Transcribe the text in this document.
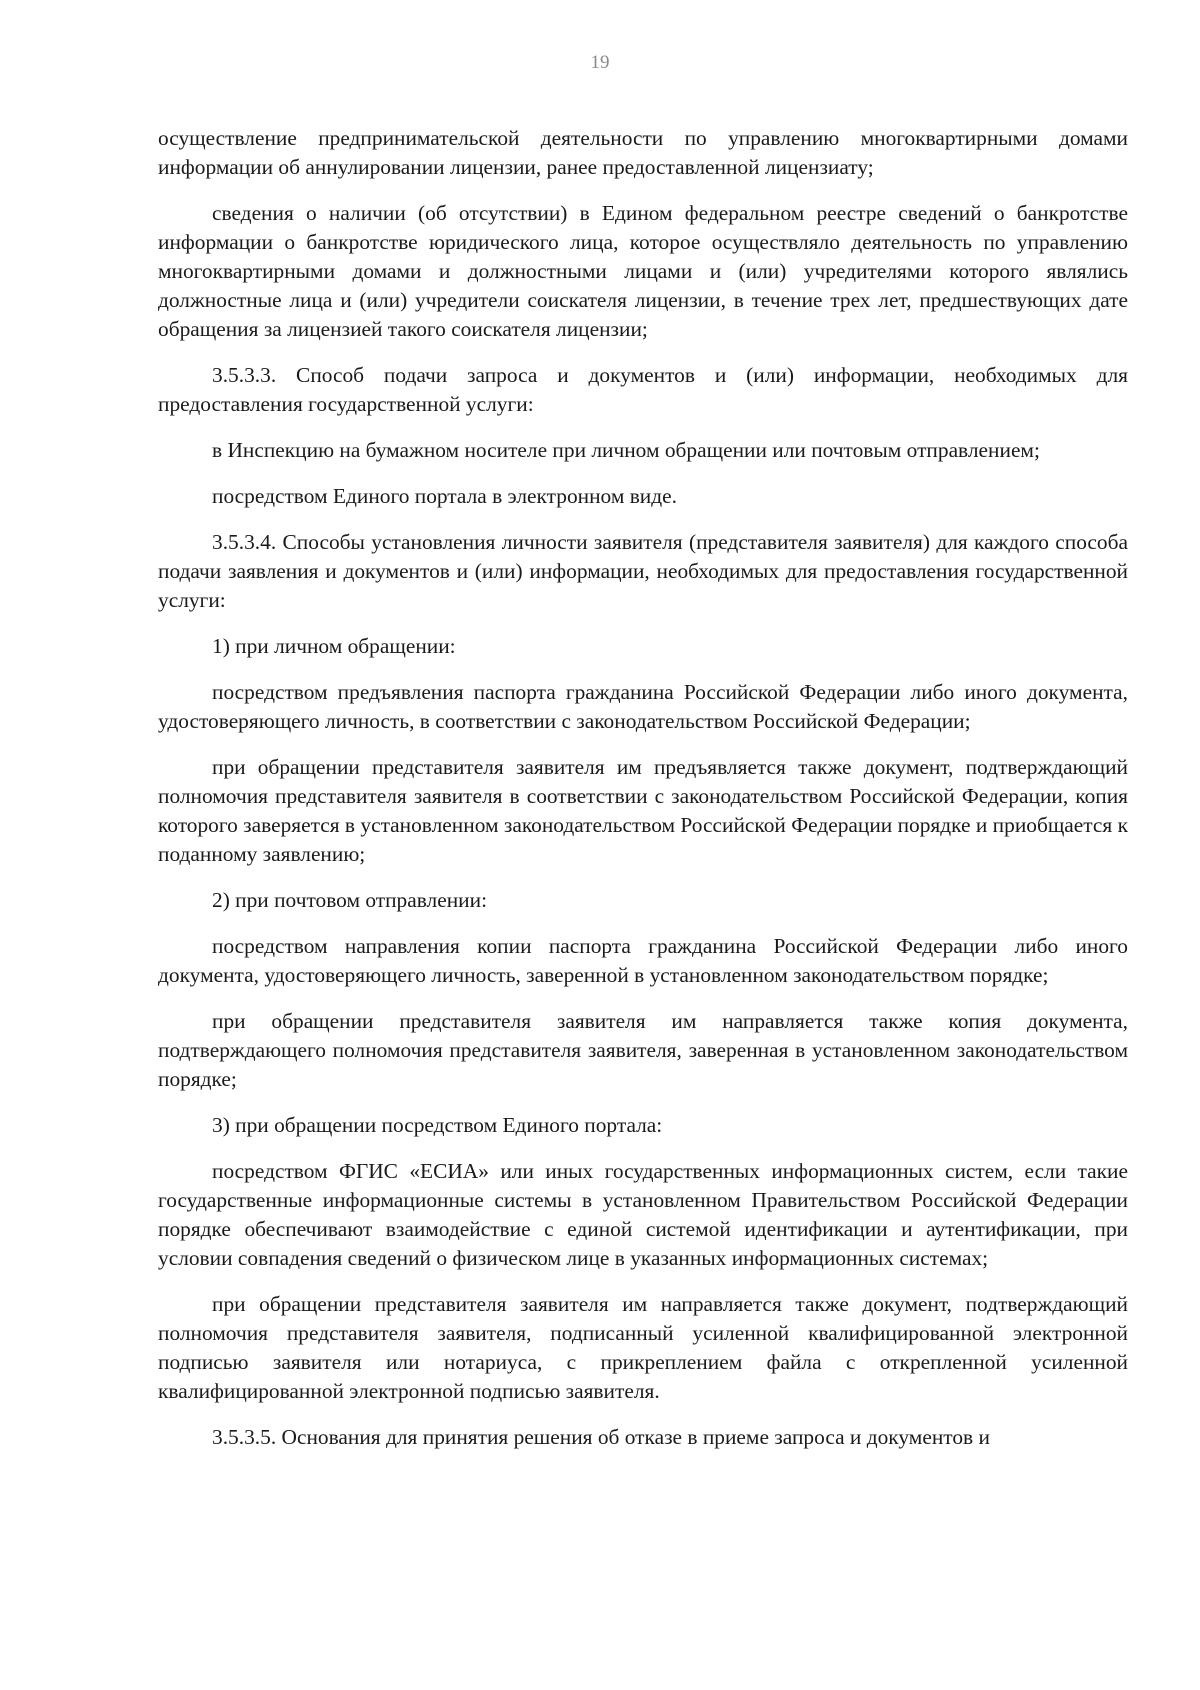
19

осуществление предпринимательской деятельности по управлению многоквартирными домами информации об аннулировании лицензии, ранее предоставленной лицензиату;

сведения о наличии (об отсутствии) в Едином федеральном реестре сведений о банкротстве информации о банкротстве юридического лица, которое осуществляло деятельность по управлению многоквартирными домами и должностными лицами и (или) учредителями которого являлись должностные лица и (или) учредители соискателя лицензии, в течение трех лет, предшествующих дате обращения за лицензией такого соискателя лицензии;

3.5.3.3. Способ подачи запроса и документов и (или) информации, необходимых для предоставления государственной услуги:

в Инспекцию на бумажном носителе при личном обращении или почтовым отправлением;

посредством Единого портала в электронном виде.

3.5.3.4. Способы установления личности заявителя (представителя заявителя) для каждого способа подачи заявления и документов и (или) информации, необходимых для предоставления государственной услуги:

1) при личном обращении:

посредством предъявления паспорта гражданина Российской Федерации либо иного документа, удостоверяющего личность, в соответствии с законодательством Российской Федерации;

при обращении представителя заявителя им предъявляется также документ, подтверждающий полномочия представителя заявителя в соответствии с законодательством Российской Федерации, копия которого заверяется в установленном законодательством Российской Федерации порядке и приобщается к поданному заявлению;

2) при почтовом отправлении:

посредством направления копии паспорта гражданина Российской Федерации либо иного документа, удостоверяющего личность, заверенной в установленном законодательством порядке;

при обращении представителя заявителя им направляется также копия документа, подтверждающего полномочия представителя заявителя, заверенная в установленном законодательством порядке;

3) при обращении посредством Единого портала:

посредством ФГИС «ЕСИА» или иных государственных информационных систем, если такие государственные информационные системы в установленном Правительством Российской Федерации порядке обеспечивают взаимодействие с единой системой идентификации и аутентификации, при условии совпадения сведений о физическом лице в указанных информационных системах;

при обращении представителя заявителя им направляется также документ, подтверждающий полномочия представителя заявителя, подписанный усиленной квалифицированной электронной подписью заявителя или нотариуса, с прикреплением файла с открепленной усиленной квалифицированной электронной подписью заявителя.

3.5.3.5. Основания для принятия решения об отказе в приеме запроса и документов и
